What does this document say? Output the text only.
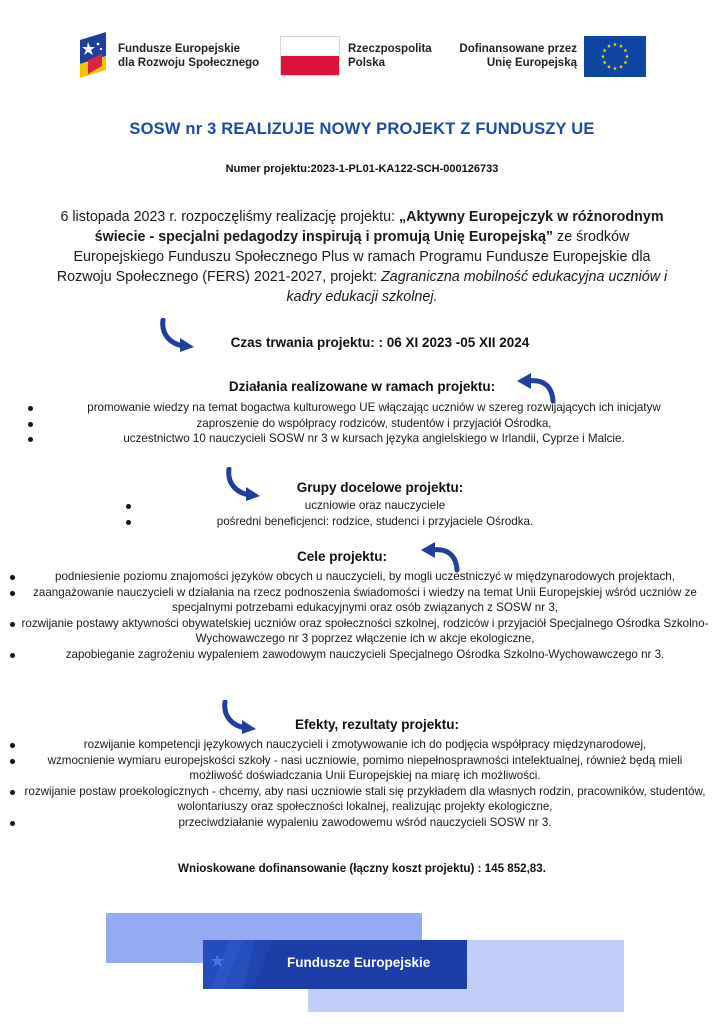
Fundusze Europejskie
dla Rozwoju Społecznego
Rzeczpospolita
Polska
Dofinansowane przez
Unię Europejską
SOSW nr 3 REALIZUJE NOWY PROJEKT Z FUNDUSZY UE
Numer projektu:2023-1-PL01-KA122-SCH-000126733
6 listopada 2023 r. rozpoczęliśmy realizację projektu: „Aktywny Europejczyk w różnorodnym świecie - specjalni pedagodzy inspirują i promują Unię Europejską” ze środków Europejskiego Funduszu Społecznego Plus w ramach Programu Fundusze Europejskie dla Rozwoju Społecznego (FERS) 2021-2027, projekt: Zagraniczna mobilność edukacyjna uczniów i kadry edukacji szkolnej.
Czas trwania projektu: : 06 XI 2023 -05 XII 2024
Działania realizowane w ramach projektu:
promowanie wiedzy na temat bogactwa kulturowego UE włączając uczniów w szereg rozwijających ich inicjatyw
zaproszenie do współpracy rodziców, studentów i przyjaciół Ośrodka,
uczestnictwo 10 nauczycieli SOSW nr 3 w kursach języka angielskiego w Irlandii, Cyprze i Malcie.
Grupy docelowe projektu:
uczniowie oraz nauczyciele
pośredni beneficjenci: rodzice, studenci i przyjaciele Ośrodka.
Cele projektu:
podniesienie poziomu znajomości języków obcych u nauczycieli, by mogli uczestniczyć w międzynarodowych projektach,
zaangażowanie nauczycieli w działania na rzecz podnoszenia świadomości i wiedzy na temat Unii Europejskiej wśród uczniów ze specjalnymi potrzebami edukacyjnymi oraz osób związanych z SOSW nr 3,
rozwijanie postawy aktywności obywatelskiej uczniów oraz społeczności szkolnej, rodziców i przyjaciół Specjalnego Ośrodka Szkolno-Wychowawczego nr 3 poprzez włączenie ich w akcje ekologiczne,
zapobieganie zagrożeniu wypaleniem zawodowym nauczycieli Specjalnego Ośrodka Szkolno-Wychowawczego nr 3.
Efekty, rezultaty projektu:
rozwijanie kompetencji językowych nauczycieli i zmotywowanie ich do podjęcia współpracy międzynarodowej,
wzmocnienie wymiaru europejskości szkoły - nasi uczniowie, pomimo niepełnosprawności intelektualnej, również będą mieli możliwość doświadczania Unii Europejskiej na miarę ich możliwości.
rozwijanie postaw proekologicznych - chcemy, aby nasi uczniowie stali się przykładem dla własnych rodzin, pracowników, studentów, wolontariuszy oraz społeczności lokalnej, realizując projekty ekologiczne,
przeciwdziałanie wypaleniu zawodowemu wśród nauczycieli SOSW nr 3.
Wnioskowane dofinansowanie (łączny koszt projektu) : 145 852,83.
Fundusze Europejskie
